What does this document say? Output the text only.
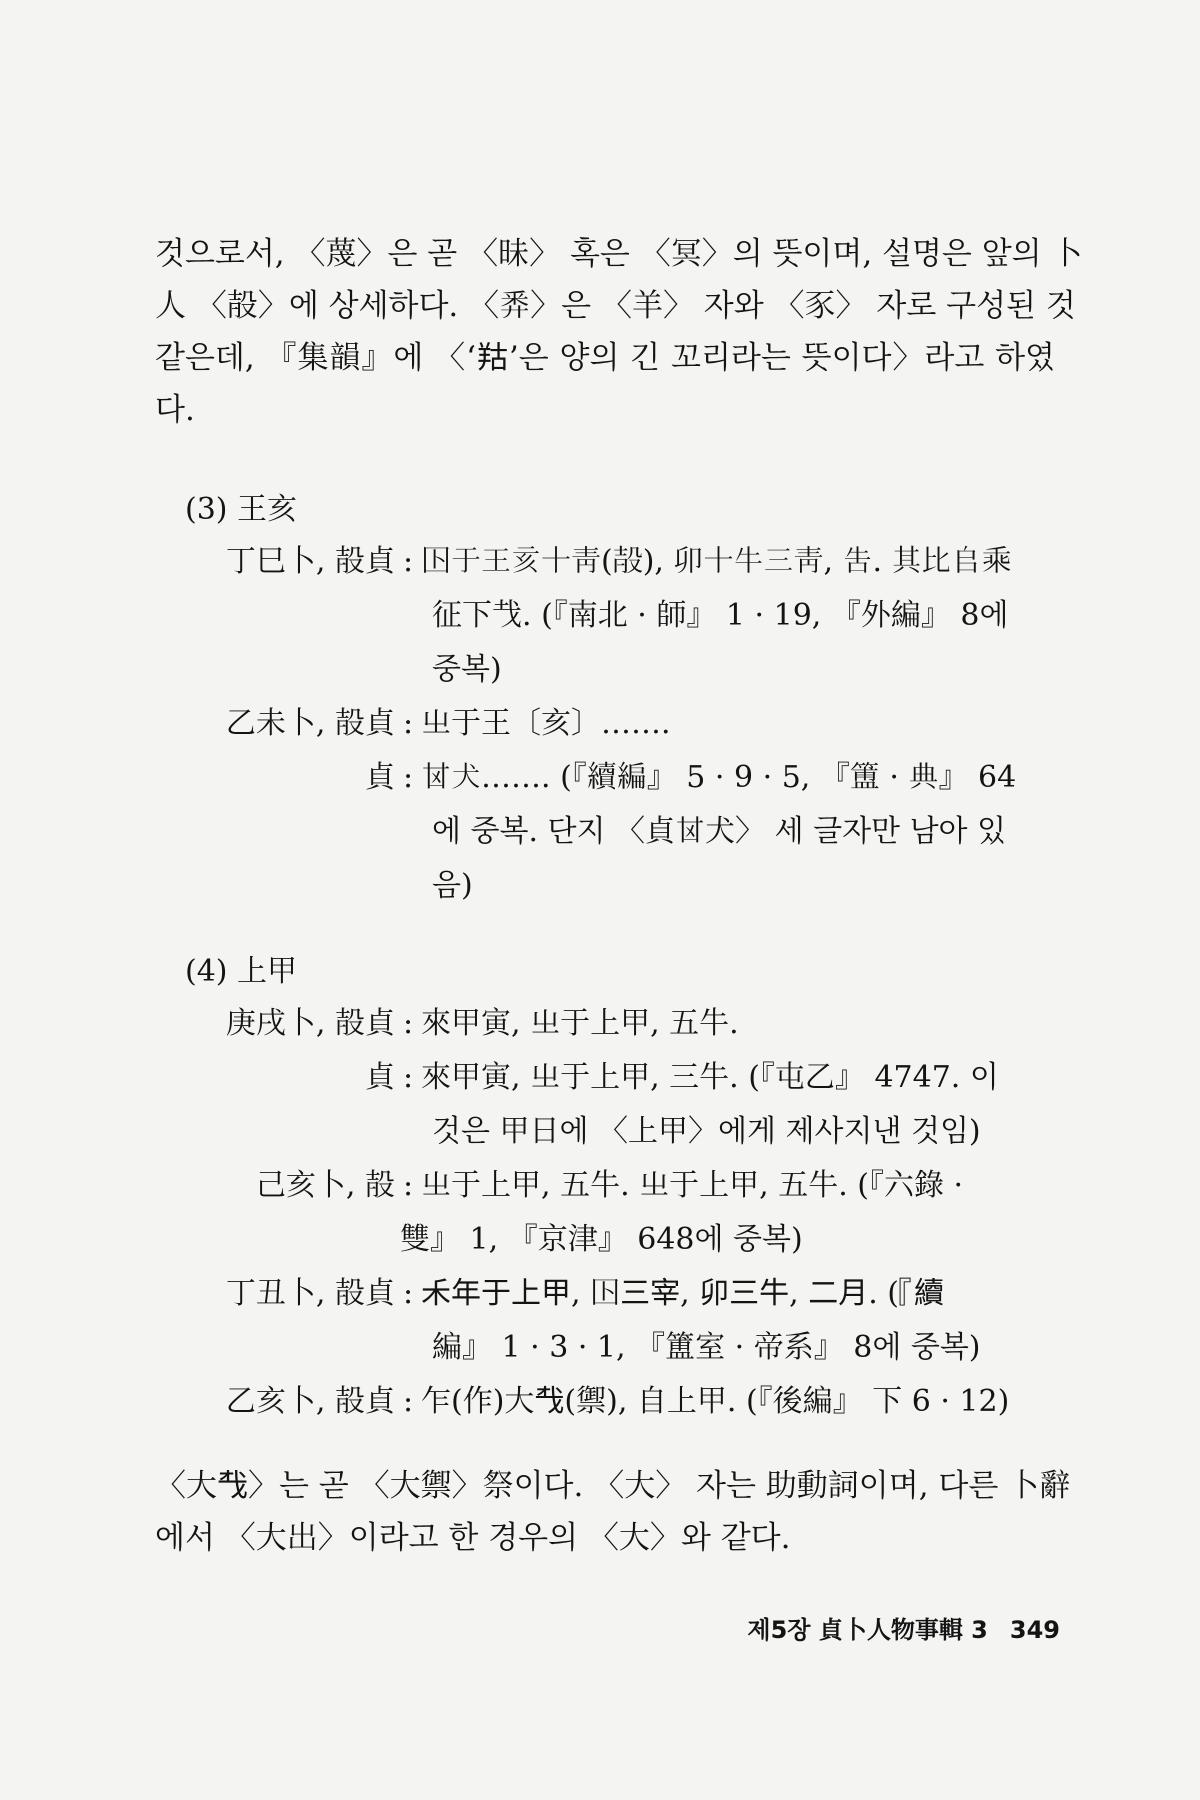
것으로서, 〈蔑〉은 곧 〈昧〉 혹은 〈冥〉의 뜻이며, 설명은 앞의 卜
人 〈㱿〉에 상세하다. 〈𢍏〉은 〈羊〉 자와 〈豕〉 자로 구성된 것
같은데, 『集韻』에 〈‘𦍩’은 양의 긴 꼬리라는 뜻이다〉라고 하였
다.
(3) 王亥
丁巳卜, 㱿貞 : 𡆥于王亥十靑(㱿), 卯十牛三靑, 告. 其比𠂤乘
征下𢦏. (『南北 · 師』 1 · 19, 『外編』 8에
중복)
乙未卜, 㱿貞 : 㞢于王〔亥〕…….
貞 : 𠀠犬……. (『續編』 5 · 9 · 5, 『簠 · 典』 64
에 중복. 단지 〈貞𠀠犬〉 세 글자만 남아 있
음)
(4) 上甲
庚戌卜, 㱿貞 : 來甲寅, 㞢于上甲, 五牛.
貞 : 來甲寅, 㞢于上甲, 三牛. (『屯乙』 4747. 이
것은 甲日에 〈上甲〉에게 제사지낸 것임)
己亥卜, 㱿 : 㞢于上甲, 五牛. 㞢于上甲, 五牛. (『六錄 ·
雙』 1, 『京津』 648에 중복)
丁丑卜, 㱿貞 : 𥝌年于上甲, 𡆥三宰, 卯三牛, 二月. (『續
編』 1 · 3 · 1, 『簠室 · 帝系』 8에 중복)
乙亥卜, 㱿貞 : 乍(作)大𢦔(禦), 自上甲. (『後編』 下 6 · 12)
〈大𢦔〉는 곧 〈大禦〉祭이다. 〈大〉 자는 助動詞이며, 다른 卜辭
에서 〈大出〉이라고 한 경우의 〈大〉와 같다.
제5장 貞卜人物事輯 3 349
